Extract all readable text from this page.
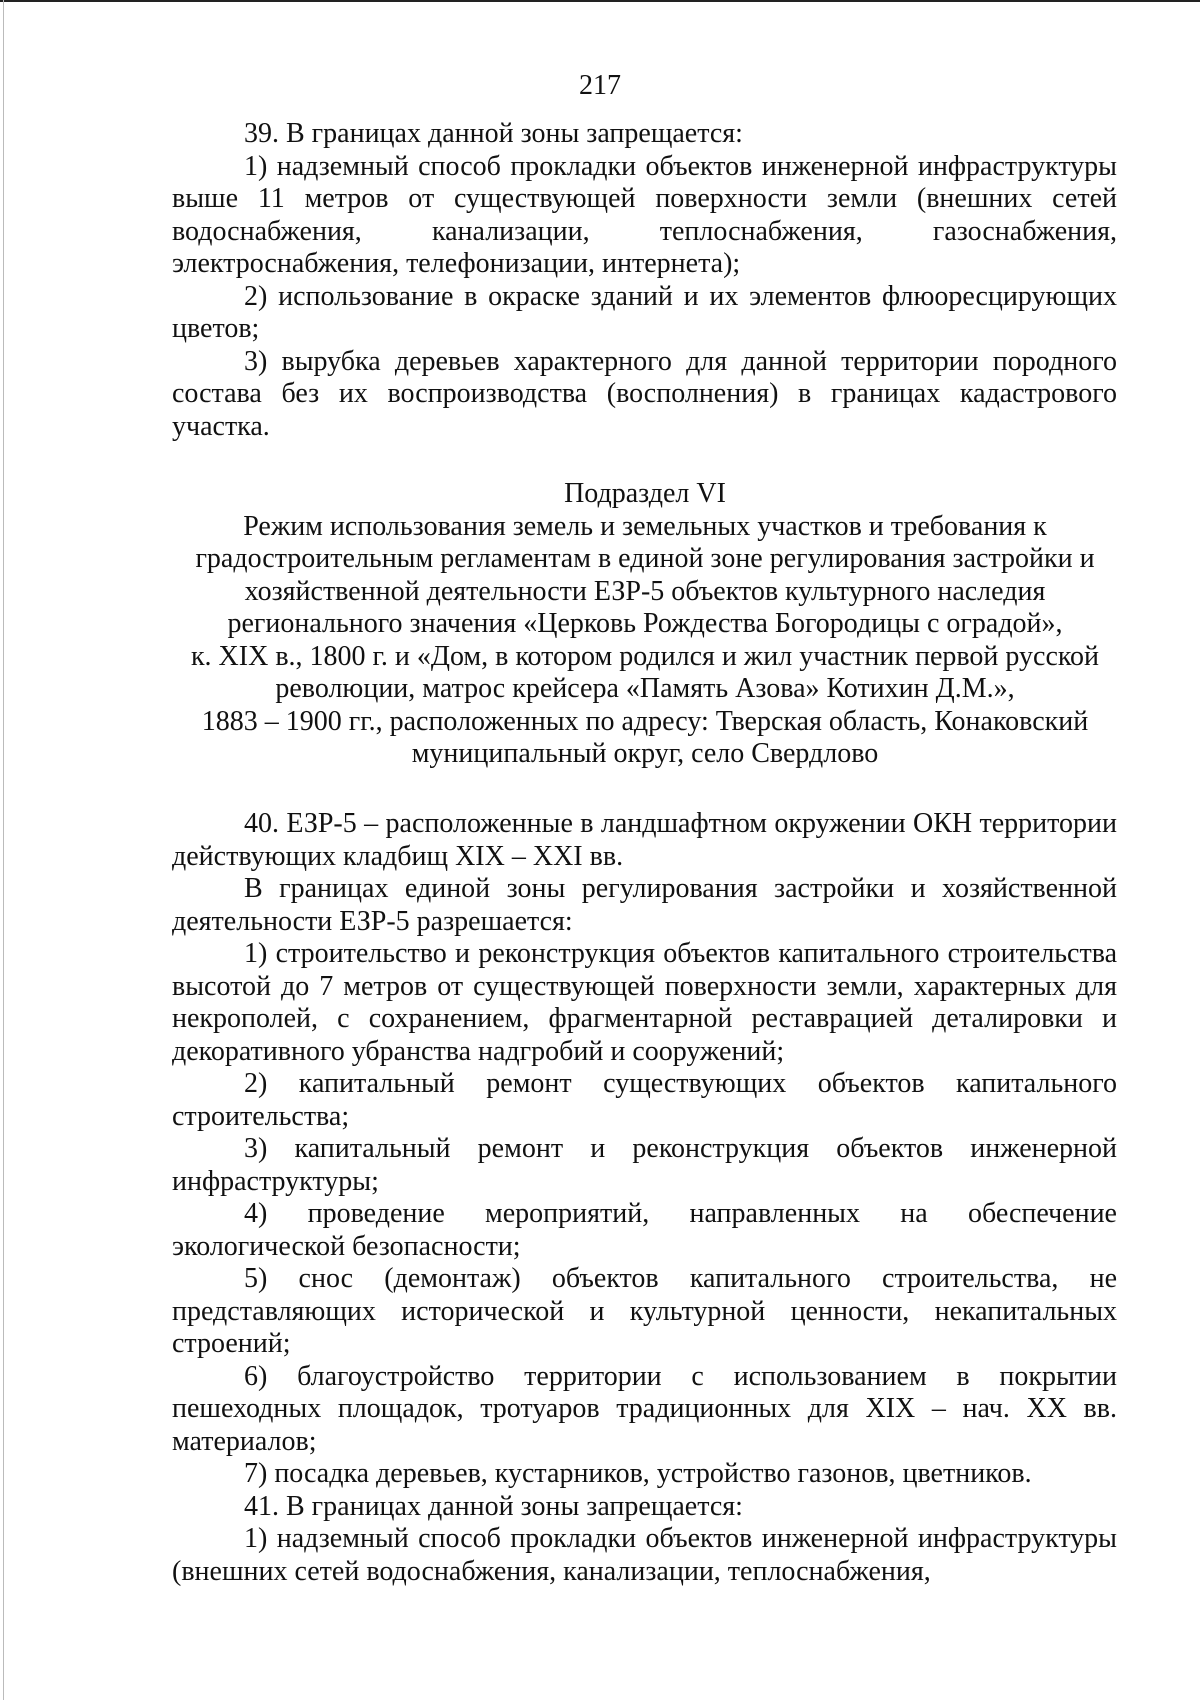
217

39. В границах данной зоны запрещается:

1) надземный способ прокладки объектов инженерной инфраструктуры выше 11 метров от существующей поверхности земли (внешних сетей водоснабжения, канализации, теплоснабжения, газоснабжения, электроснабжения, телефонизации, интернета);

2) использование в окраске зданий и их элементов флюоресцирующих цветов;

3) вырубка деревьев характерного для данной территории породного состава без их воспроизводства (восполнения) в границах кадастрового участка.

Подраздел VI
Режим использования земель и земельных участков и требования к
градостроительным регламентам в единой зоне регулирования застройки и
хозяйственной деятельности ЕЗР-5 объектов культурного наследия
регионального значения «Церковь Рождества Богородицы с оградой»,
к. XIX в., 1800 г. и «Дом, в котором родился и жил участник первой русской
революции, матрос крейсера «Память Азова» Котихин Д.М.»,
1883 – 1900 гг., расположенных по адресу: Тверская область, Конаковский
муниципальный округ, село Свердлово

40. ЕЗР-5 – расположенные в ландшафтном окружении ОКН территории действующих кладбищ XIX – XXI вв.

В границах единой зоны регулирования застройки и хозяйственной деятельности ЕЗР-5 разрешается:

1) строительство и реконструкция объектов капитального строительства высотой до 7 метров от существующей поверхности земли, характерных для некрополей, с сохранением, фрагментарной реставрацией деталировки и декоративного убранства надгробий и сооружений;

2) капитальный ремонт существующих объектов капитального строительства;

3) капитальный ремонт и реконструкция объектов инженерной инфраструктуры;

4) проведение мероприятий, направленных на обеспечение экологической безопасности;

5) снос (демонтаж) объектов капитального строительства, не представляющих исторической и культурной ценности, некапитальных строений;

6) благоустройство территории с использованием в покрытии пешеходных площадок, тротуаров традиционных для XIX – нач. XX вв. материалов;

7) посадка деревьев, кустарников, устройство газонов, цветников.

41. В границах данной зоны запрещается:

1) надземный способ прокладки объектов инженерной инфраструктуры (внешних сетей водоснабжения, канализации, теплоснабжения,
